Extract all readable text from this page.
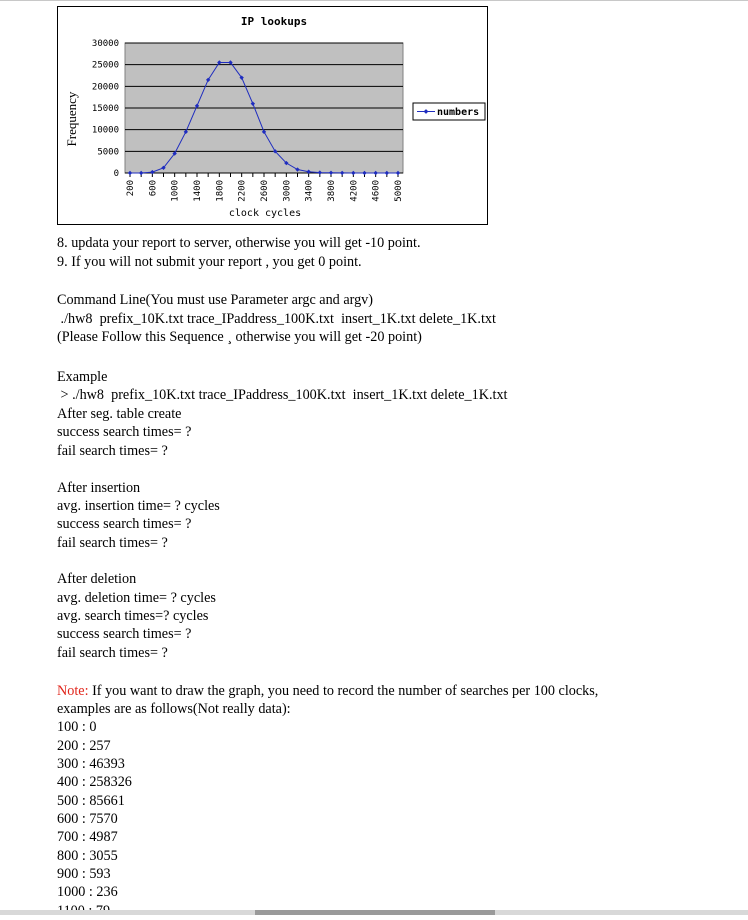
IP lookups
Frequency
clock cycles
30000
25000
20000
15000
10000
5000
0
200 600 1000 1400 1800 2200 2600 3000 3400 3800 4200 4600 5000
numbers
8. updata your report to server, otherwise you will get -10 point.
9. If you will not submit your report , you get 0 point.
Command Line(You must use Parameter argc and argv)
./hw8  prefix_10K.txt trace_IPaddress_100K.txt  insert_1K.txt delete_1K.txt
(Please Follow this Sequence ¸ otherwise you will get -20 point)
Example
> ./hw8  prefix_10K.txt trace_IPaddress_100K.txt  insert_1K.txt delete_1K.txt
After seg. table create
success search times= ?
fail search times= ?
After insertion
avg. insertion time= ? cycles
success search times= ?
fail search times= ?
After deletion
avg. deletion time= ? cycles
avg. search times=? cycles
success search times= ?
fail search times= ?
Note: If you want to draw the graph, you need to record the number of searches per 100 clocks,
examples are as follows(Not really data):
100 : 0
200 : 257
300 : 46393
400 : 258326
500 : 85661
600 : 7570
700 : 4987
800 : 3055
900 : 593
1000 : 236
